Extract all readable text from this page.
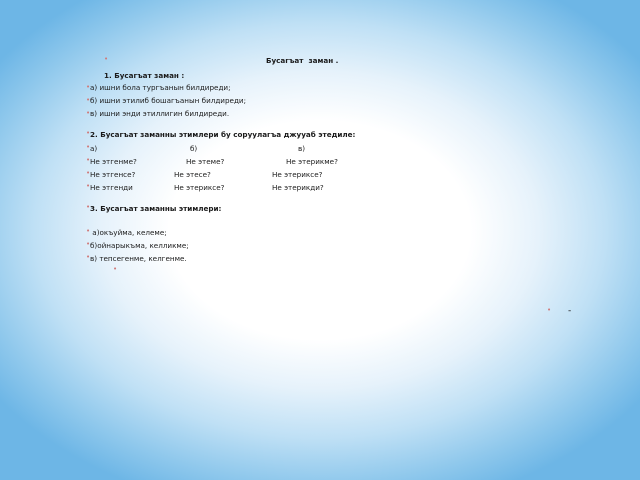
•	Бусагъат  заман .
1. Бусагъат заман :
• а) ишни бола тургъанын билдиреди;
• б) ишни этилиб бошагъанын билдиреди;
• в) ишни энди этиллигин билдиреди.
• 2. Бусагъат заманны этимлери бу соруулагъа джууаб этедиле:
• а)	б)	в)
• Не этгенме?	Не этеме?	Не этерикме?
• Не этгенсе?	Не этесе?	Не этериксе?
• Не этгенди	Не этериксе?	Не этерикди?
• 3. Бусагъат заманны этимлери:
• а)окъуйма, келеме;
• б)ойнарыкъма, келликме;
• в) тепсегенме, келгенме.
•
• -
